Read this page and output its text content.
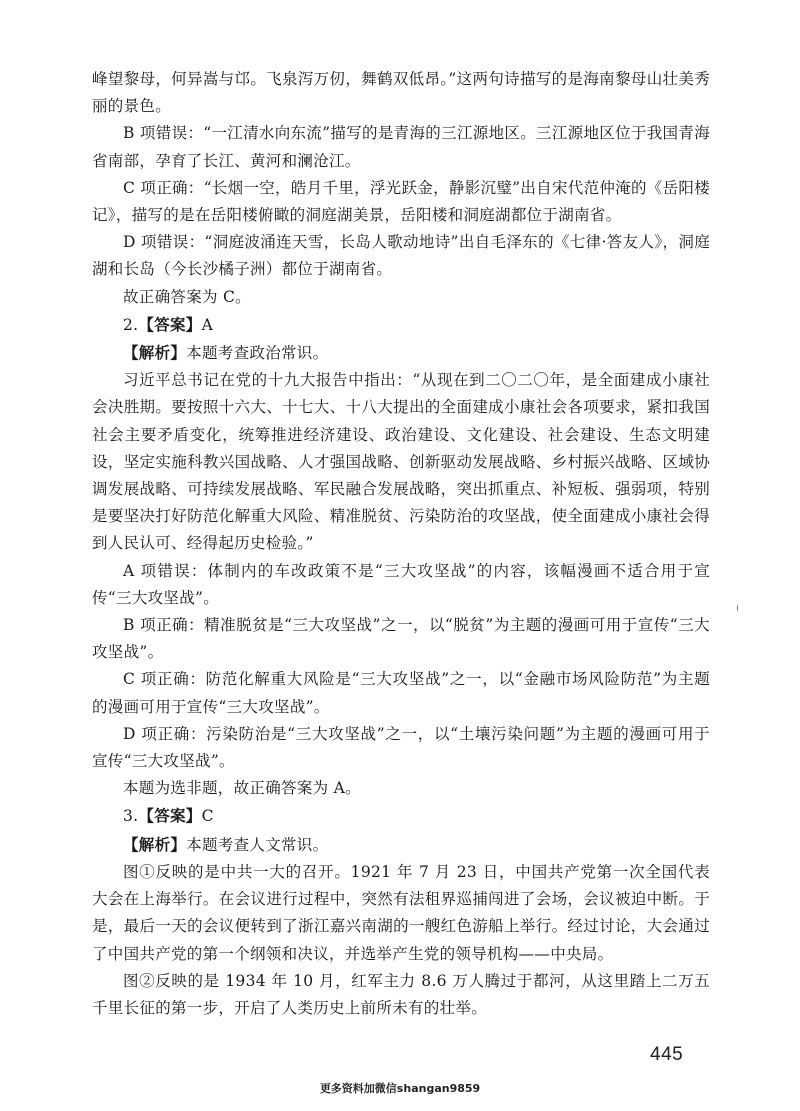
峰望黎母，何异嵩与邙。飞泉泻万仞，舞鹤双低昂。”这两句诗描写的是海南黎母山壮美秀丽的景色。

B 项错误：“一江清水向东流”描写的是青海的三江源地区。三江源地区位于我国青海省南部，孕育了长江、黄河和澜沧江。

C 项正确：“长烟一空，皓月千里，浮光跃金，静影沉璧”出自宋代范仲淹的《岳阳楼记》，描写的是在岳阳楼俯瞰的洞庭湖美景，岳阳楼和洞庭湖都位于湖南省。

D 项错误：“洞庭波涌连天雪，长岛人歌动地诗”出自毛泽东的《七律·答友人》，洞庭湖和长岛（今长沙橘子洲）都位于湖南省。

故正确答案为 C。

2.【答案】A

【解析】本题考查政治常识。

习近平总书记在党的十九大报告中指出：“从现在到二〇二〇年，是全面建成小康社会决胜期。要按照十六大、十七大、十八大提出的全面建成小康社会各项要求，紧扣我国社会主要矛盾变化，统筹推进经济建设、政治建设、文化建设、社会建设、生态文明建设，坚定实施科教兴国战略、人才强国战略、创新驱动发展战略、乡村振兴战略、区域协调发展战略、可持续发展战略、军民融合发展战略，突出抓重点、补短板、强弱项，特别是要坚决打好防范化解重大风险、精准脱贫、污染防治的攻坚战，使全面建成小康社会得到人民认可、经得起历史检验。”

A 项错误：体制内的车改政策不是“三大攻坚战”的内容，该幅漫画不适合用于宣传“三大攻坚战”。

B 项正确：精准脱贫是“三大攻坚战”之一，以“脱贫”为主题的漫画可用于宣传“三大攻坚战”。

C 项正确：防范化解重大风险是“三大攻坚战”之一，以“金融市场风险防范”为主题的漫画可用于宣传“三大攻坚战”。

D 项正确：污染防治是“三大攻坚战”之一，以“土壤污染问题”为主题的漫画可用于宣传“三大攻坚战”。

本题为选非题，故正确答案为 A。

3.【答案】C

【解析】本题考查人文常识。

图①反映的是中共一大的召开。1921 年 7 月 23 日，中国共产党第一次全国代表大会在上海举行。在会议进行过程中，突然有法租界巡捕闯进了会场，会议被迫中断。于是，最后一天的会议便转到了浙江嘉兴南湖的一艘红色游船上举行。经过讨论，大会通过了中国共产党的第一个纲领和决议，并选举产生党的领导机构——中央局。

图②反映的是 1934 年 10 月，红军主力 8.6 万人腾过于都河，从这里踏上二万五千里长征的第一步，开启了人类历史上前所未有的壮举。

445
更多资料加微信shangan9859
